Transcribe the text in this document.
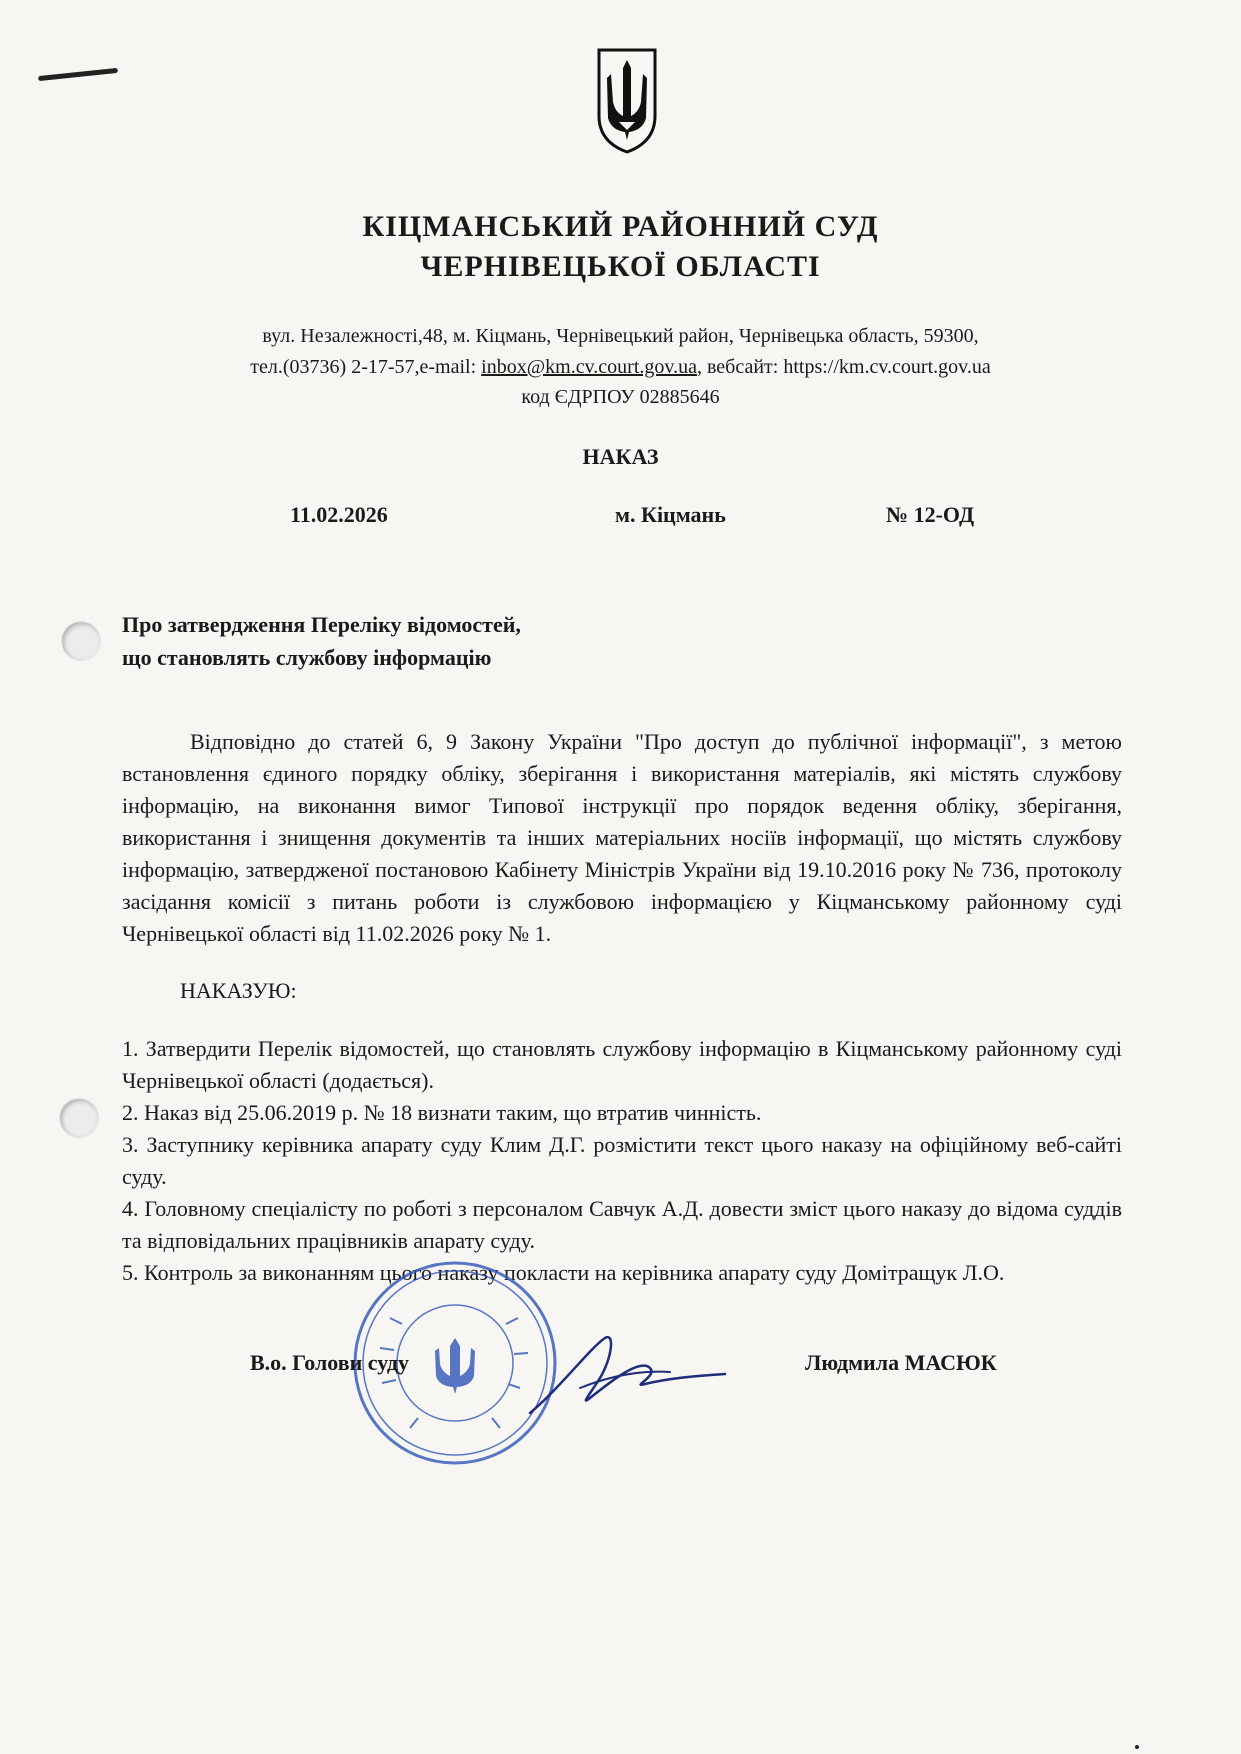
КІЦМАНСЬКИЙ РАЙОННИЙ СУД
ЧЕРНІВЕЦЬКОЇ ОБЛАСТІ
вул. Незалежності,48, м. Кіцмань, Чернівецький район, Чернівецька область, 59300,
тел.(03736) 2-17-57,e-mail: inbox@km.cv.court.gov.ua, вебсайт: https://km.cv.court.gov.ua
код ЄДРПОУ 02885646
НАКАЗ
11.02.2026	м. Кіцмань	№ 12-ОД
Про затвердження Переліку відомостей,
що становлять службову інформацію

Відповідно до статей 6, 9 Закону України "Про доступ до публічної інформації", з метою встановлення єдиного порядку обліку, зберігання і використання матеріалів, які містять службову інформацію, на виконання вимог Типової інструкції про порядок ведення обліку, зберігання, використання і знищення документів та інших матеріальних носіїв інформації, що містять службову інформацію, затвердженої постановою Кабінету Міністрів України від 19.10.2016 року № 736, протоколу засідання комісії з питань роботи із службовою інформацією у Кіцманському районному суді Чернівецької області від 11.02.2026 року № 1.

НАКАЗУЮ:
1. Затвердити Перелік відомостей, що становлять службову інформацію в Кіцманському районному суді Чернівецької області (додається).
2. Наказ від 25.06.2019 р. № 18 визнати таким, що втратив чинність.
3. Заступнику керівника апарату суду Клим Д.Г. розмістити текст цього наказу на офіційному веб-сайті суду.
4. Головному спеціалісту по роботі з персоналом Савчук А.Д. довести зміст цього наказу до відома суддів та відповідальних працівників апарату суду.
5. Контроль за виконанням цього наказу покласти на керівника апарату суду Домітращук Л.О.
В.о. Голови суду	Людмила МАСЮК
